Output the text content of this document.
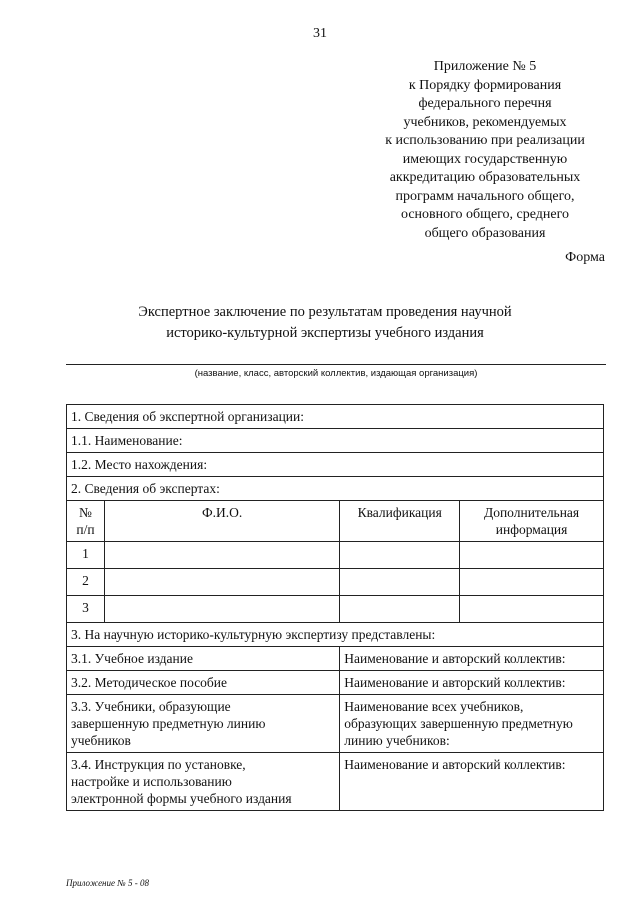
31
Приложение № 5
к Порядку формирования
федерального перечня
учебников, рекомендуемых
к использованию при реализации
имеющих государственную
аккредитацию образовательных
программ начального общего,
основного общего, среднего
общего образования
Форма
Экспертное заключение по результатам проведения научной
историко-культурной экспертизы учебного издания
(название, класс, авторский коллектив, издающая организация)
1. Сведения об экспертной организации:			
1.1. Наименование:			
1.2. Место нахождения:			
2. Сведения об экспертах:			
№
п/п	Ф.И.О.	Квалификация	Дополнительная
информация
1			
2			
3			
3. На научную историко-культурную экспертизу представлены:			
3.1. Учебное издание		Наименование и авторский коллектив:	
3.2. Методическое пособие		Наименование и авторский коллектив:	
3.3. Учебники, образующие
завершенную предметную линию
учебников		Наименование всех учебников,
образующих завершенную предметную
линию учебников:	
3.4. Инструкция по установке,
настройке и использованию
электронной формы учебного издания		Наименование и авторский коллектив:	
Приложение № 5 - 08
